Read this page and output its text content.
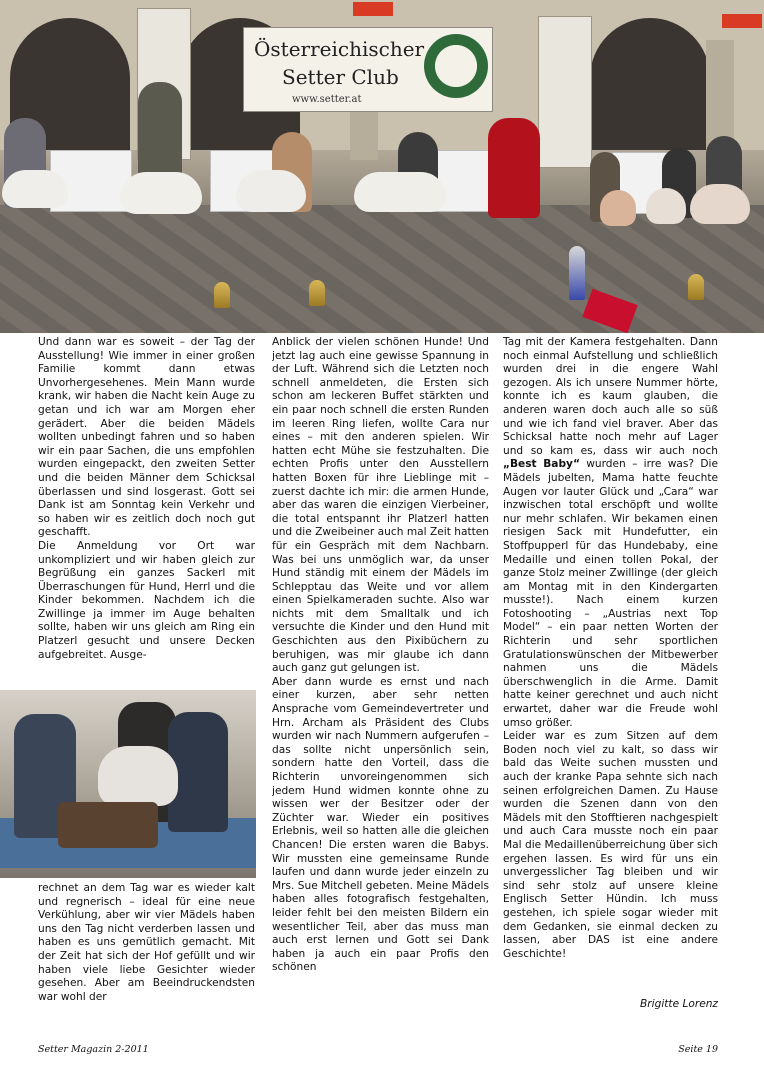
Österreichischer
Setter Club
www.setter.at

Und dann war es soweit – der Tag der Ausstellung! Wie immer in einer großen Familie kommt dann etwas Unvorhergesehenes. Mein Mann wurde krank, wir haben die Nacht kein Auge zu getan und ich war am Morgen eher gerädert. Aber die beiden Mädels wollten unbedingt fahren und so haben wir ein paar Sachen, die uns empfohlen wurden eingepackt, den zweiten Setter und die beiden Männer dem Schicksal überlassen und sind losgerast. Gott sei Dank ist am Sonntag kein Verkehr und so haben wir es zeitlich doch noch gut geschafft.

Die Anmeldung vor Ort war unkompliziert und wir haben gleich zur Begrüßung ein ganzes Sackerl mit Überraschungen für Hund, Herrl und die Kinder bekommen. Nachdem ich die Zwillinge ja immer im Auge behalten sollte, haben wir uns gleich am Ring ein Platzerl gesucht und unsere Decken aufgebreitet. Ausge-

rechnet an dem Tag war es wieder kalt und regnerisch – ideal für eine neue Verkühlung, aber wir vier Mädels haben uns den Tag nicht verderben lassen und haben es uns gemütlich gemacht. Mit der Zeit hat sich der Hof gefüllt und wir haben viele liebe Gesichter wieder gesehen. Aber am Beeindruckendsten war wohl der

Anblick der vielen schönen Hunde! Und jetzt lag auch eine gewisse Spannung in der Luft. Während sich die Letzten noch schnell anmeldeten, die Ersten sich schon am leckeren Buffet stärkten und ein paar noch schnell die ersten Runden im leeren Ring liefen, wollte Cara nur eines – mit den anderen spielen. Wir hatten echt Mühe sie festzuhalten. Die echten Profis unter den Ausstellern hatten Boxen für ihre Lieblinge mit – zuerst dachte ich mir: die armen Hunde, aber das waren die einzigen Vierbeiner, die total entspannt ihr Platzerl hatten und die Zweibeiner auch mal Zeit hatten für ein Gespräch mit dem Nachbarn. Was bei uns unmöglich war, da unser Hund ständig mit einem der Mädels im Schlepptau das Weite und vor allem einen Spielkameraden suchte. Also war nichts mit dem Smalltalk und ich versuchte die Kinder und den Hund mit Geschichten aus den Pixibüchern zu beruhigen, was mir glaube ich dann auch ganz gut gelungen ist.

Aber dann wurde es ernst und nach einer kurzen, aber sehr netten Ansprache vom Gemeindevertreter und Hrn. Archam als Präsident des Clubs wurden wir nach Nummern aufgerufen – das sollte nicht unpersönlich sein, sondern hatte den Vorteil, dass die Richterin unvoreingenommen sich jedem Hund widmen konnte ohne zu wissen wer der Besitzer oder der Züchter war. Wieder ein positives Erlebnis, weil so hatten alle die gleichen Chancen! Die ersten waren die Babys. Wir mussten eine gemeinsame Runde laufen und dann wurde jeder einzeln zu Mrs. Sue Mitchell gebeten. Meine Mädels haben alles fotografisch festgehalten, leider fehlt bei den meisten Bildern ein wesentlicher Teil, aber das muss man auch erst lernen und Gott sei Dank haben ja auch ein paar Profis den schönen

Tag mit der Kamera festgehalten. Dann noch einmal Aufstellung und schließlich wurden drei in die engere Wahl gezogen. Als ich unsere Nummer hörte, konnte ich es kaum glauben, die anderen waren doch auch alle so süß und wie ich fand viel braver. Aber das Schicksal hatte noch mehr auf Lager und so kam es, dass wir auch noch „Best Baby“ wurden – irre was? Die Mädels jubelten, Mama hatte feuchte Augen vor lauter Glück und „Cara“ war inzwischen total erschöpft und wollte nur mehr schlafen. Wir bekamen einen riesigen Sack mit Hundefutter, ein Stoffpupperl für das Hundebaby, eine Medaille und einen tollen Pokal, der ganze Stolz meiner Zwillinge (der gleich am Montag mit in den Kindergarten musste!). Nach einem kurzen Fotoshooting – „Austrias next Top Model“ – ein paar netten Worten der Richterin und sehr sportlichen Gratulationswünschen der Mitbewerber nahmen uns die Mädels überschwenglich in die Arme. Damit hatte keiner gerechnet und auch nicht erwartet, daher war die Freude wohl umso größer.

Leider war es zum Sitzen auf dem Boden noch viel zu kalt, so dass wir bald das Weite suchen mussten und auch der kranke Papa sehnte sich nach seinen erfolgreichen Damen. Zu Hause wurden die Szenen dann von den Mädels mit den Stofftieren nachgespielt und auch Cara musste noch ein paar Mal die Medaillenüberreichung über sich ergehen lassen. Es wird für uns ein unvergesslicher Tag bleiben und wir sind sehr stolz auf unsere kleine Englisch Setter Hündin. Ich muss gestehen, ich spiele sogar wieder mit dem Gedanken, sie einmal decken zu lassen, aber DAS ist eine andere Geschichte!

Brigitte Lorenz
Setter Magazin 2-2011	Seite 19
